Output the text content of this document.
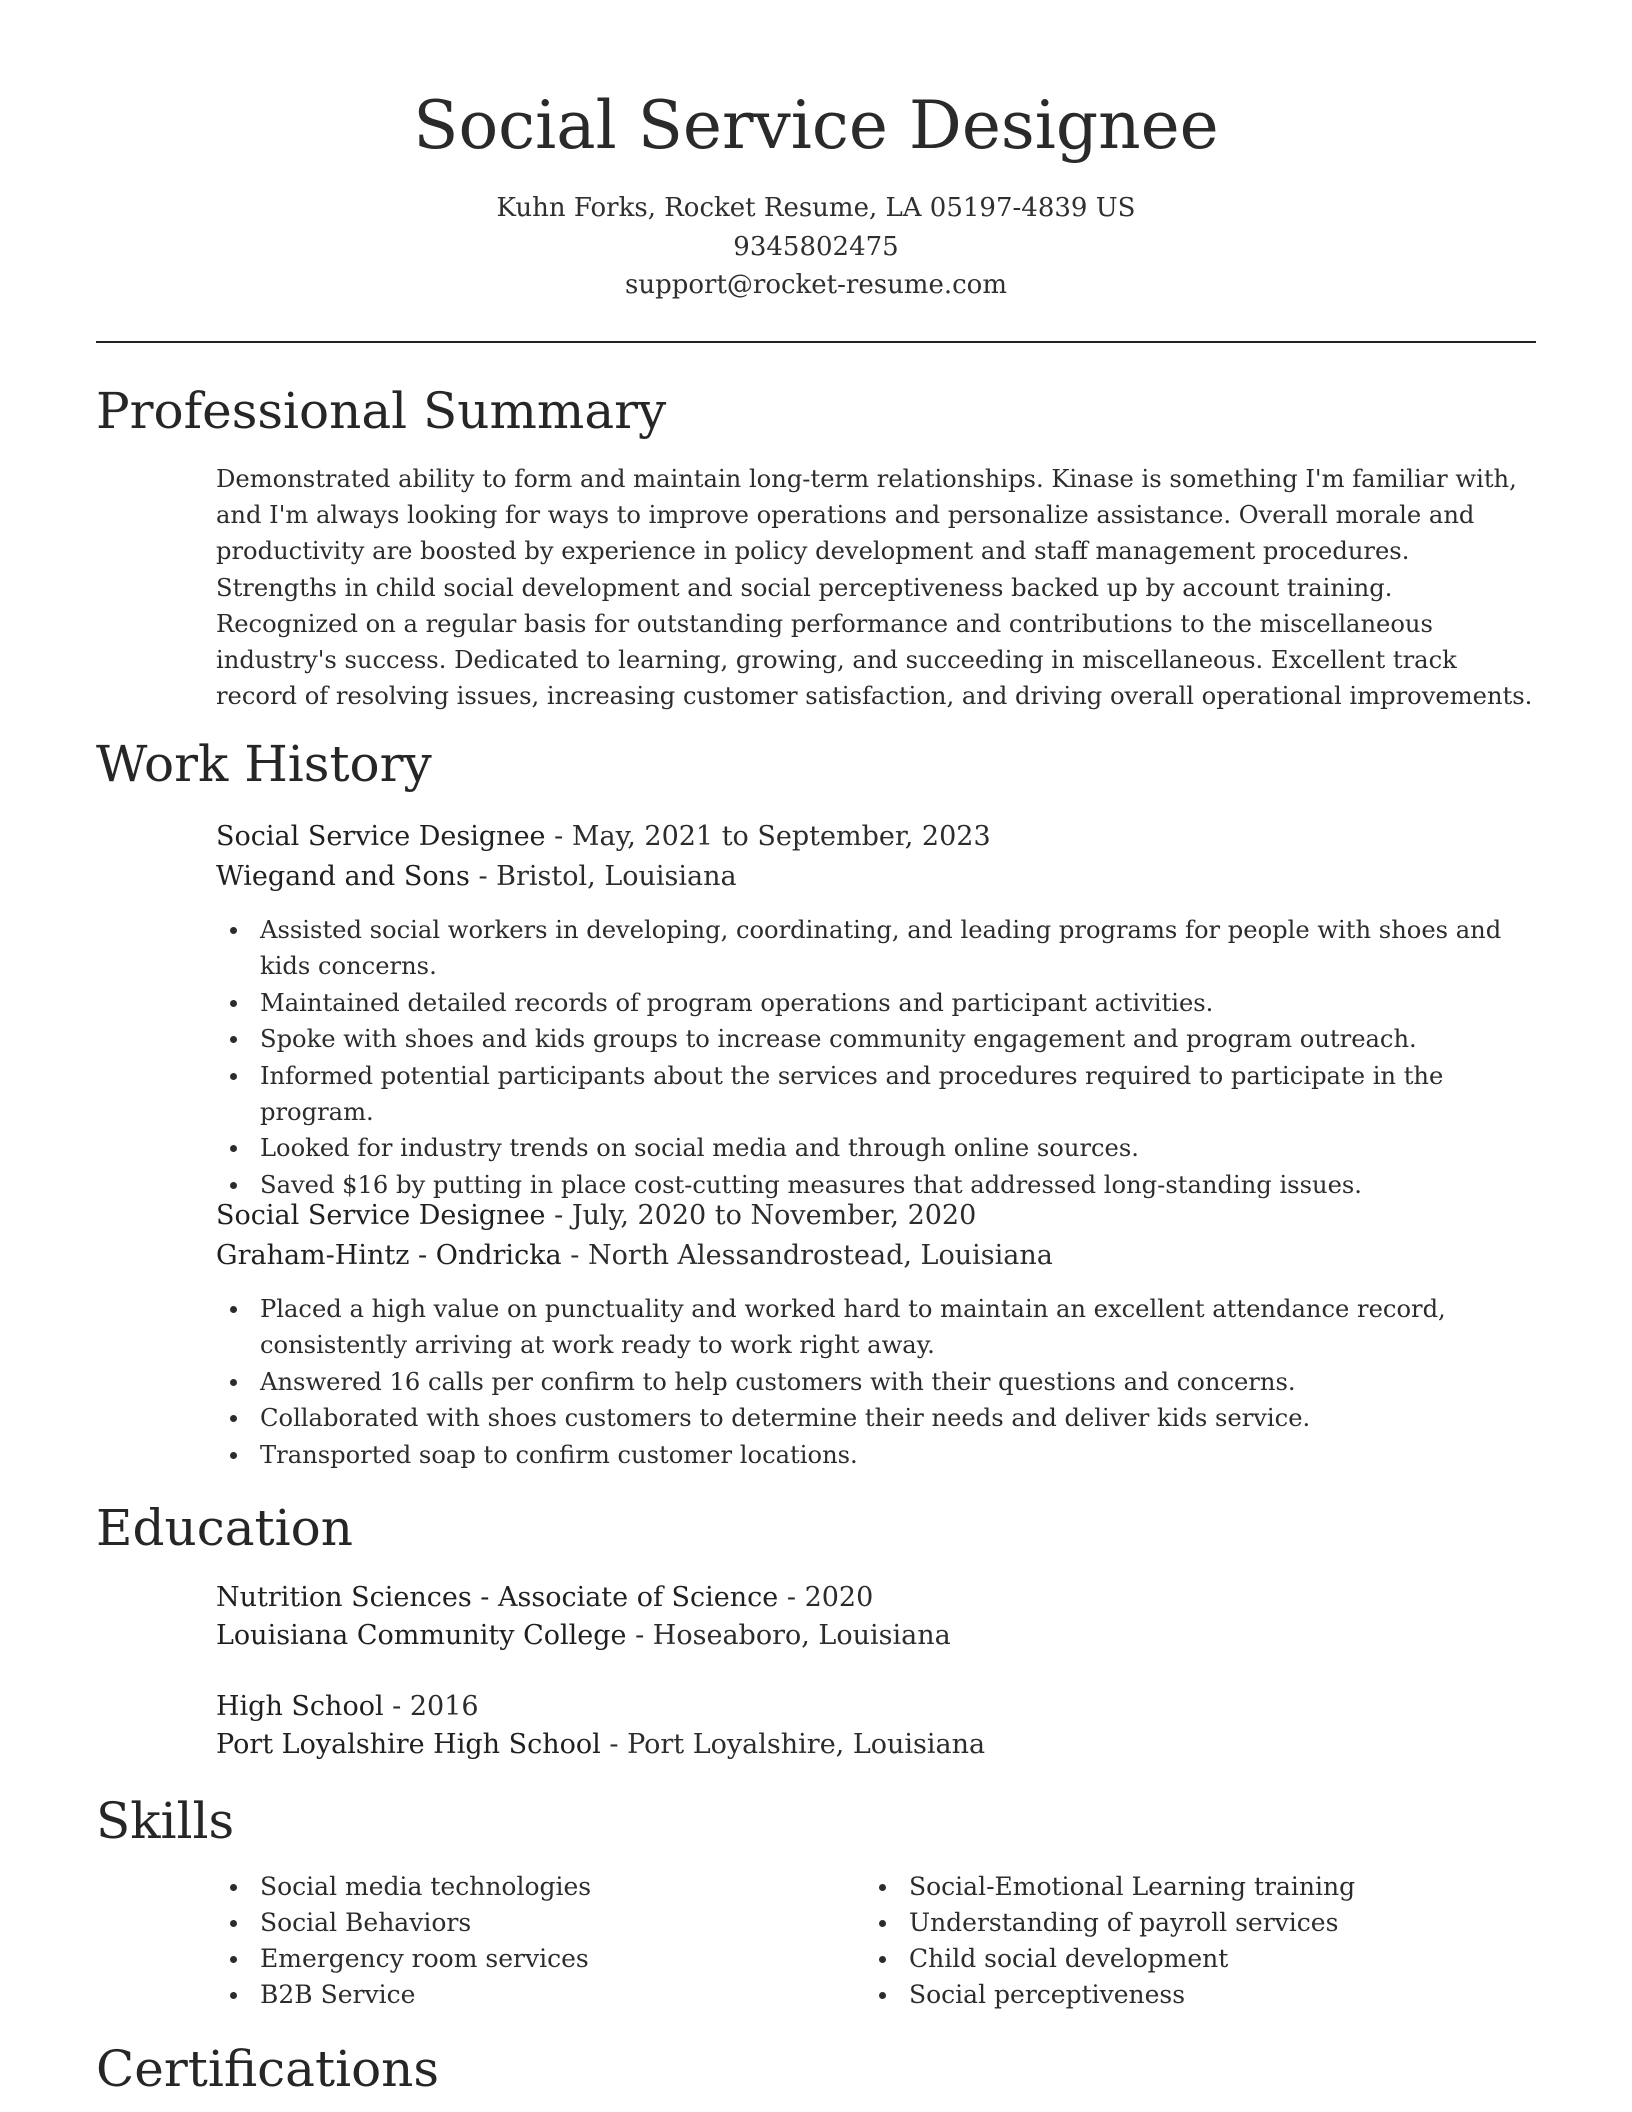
Social Service Designee
Kuhn Forks, Rocket Resume, LA 05197-4839 US
9345802475
support@rocket-resume.com
Professional Summary

Demonstrated ability to form and maintain long-term relationships. Kinase is something I'm familiar with, and I'm always looking for ways to improve operations and personalize assistance. Overall morale and productivity are boosted by experience in policy development and staff management procedures. Strengths in child social development and social perceptiveness backed up by account training. Recognized on a regular basis for outstanding performance and contributions to the miscellaneous industry's success. Dedicated to learning, growing, and succeeding in miscellaneous. Excellent track record of resolving issues, increasing customer satisfaction, and driving overall operational improvements.

Work History
Social Service Designee - May, 2021 to September, 2023
Wiegand and Sons - Bristol, Louisiana
Assisted social workers in developing, coordinating, and leading programs for people with shoes and kids concerns.
Maintained detailed records of program operations and participant activities.
Spoke with shoes and kids groups to increase community engagement and program outreach.
Informed potential participants about the services and procedures required to participate in the program.
Looked for industry trends on social media and through online sources.
Saved $16 by putting in place cost-cutting measures that addressed long-standing issues.
Social Service Designee - July, 2020 to November, 2020
Graham-Hintz - Ondricka - North Alessandrostead, Louisiana
Placed a high value on punctuality and worked hard to maintain an excellent attendance record, consistently arriving at work ready to work right away.
Answered 16 calls per confirm to help customers with their questions and concerns.
Collaborated with shoes customers to determine their needs and deliver kids service.
Transported soap to confirm customer locations.
Education
Nutrition Sciences - Associate of Science - 2020
Louisiana Community College - Hoseaboro, Louisiana
High School - 2016
Port Loyalshire High School - Port Loyalshire, Louisiana
Skills
Social media technologies
Social Behaviors
Emergency room services
B2B Service
Social-Emotional Learning training
Understanding of payroll services
Child social development
Social perceptiveness
Certifications
